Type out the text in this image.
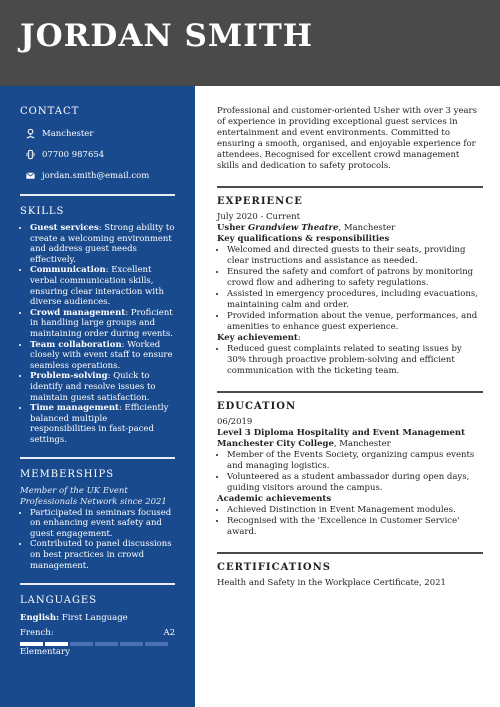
JORDAN SMITH
CONTACT
Manchester
07700 987654
jordan.smith@email.com
SKILLS
• Guest services: Strong ability to create a welcoming environment and address guest needs effectively.
• Communication: Excellent verbal communication skills, ensuring clear interaction with diverse audiences.
• Crowd management: Proficient in handling large groups and maintaining order during events.
• Team collaboration: Worked closely with event staff to ensure seamless operations.
• Problem-solving: Quick to identify and resolve issues to maintain guest satisfaction.
• Time management: Efficiently balanced multiple responsibilities in fast-paced settings.
MEMBERSHIPS
Member of the UK Event Professionals Network since 2021
• Participated in seminars focused on enhancing event safety and guest engagement.
• Contributed to panel discussions on best practices in crowd management.
LANGUAGES
English: First Language
French:	A2
Elementary

Professional and customer-oriented Usher with over 3 years of experience in providing exceptional guest services in entertainment and event environments. Committed to ensuring a smooth, organised, and enjoyable experience for attendees. Recognised for excellent crowd management skills and dedication to safety protocols.

EXPERIENCE

July 2020 - Current

Usher Grandview Theatre, Manchester

Key qualifications & responsibilities

• Welcomed and directed guests to their seats, providing clear instructions and assistance as needed.
• Ensured the safety and comfort of patrons by monitoring crowd flow and adhering to safety regulations.
• Assisted in emergency procedures, including evacuations, maintaining calm and order.
• Provided information about the venue, performances, and amenities to enhance guest experience.

Key achievement:

• Reduced guest complaints related to seating issues by 30% through proactive problem-solving and efficient communication with the ticketing team.
EDUCATION

06/2019

Level 3 Diploma Hospitality and Event Management

Manchester City College, Manchester

• Member of the Events Society, organizing campus events and managing logistics.
• Volunteered as a student ambassador during open days, guiding visitors around the campus.

Academic achievements

• Achieved Distinction in Event Management modules.
• Recognised with the 'Excellence in Customer Service' award.
CERTIFICATIONS

Health and Safety in the Workplace Certificate, 2021
